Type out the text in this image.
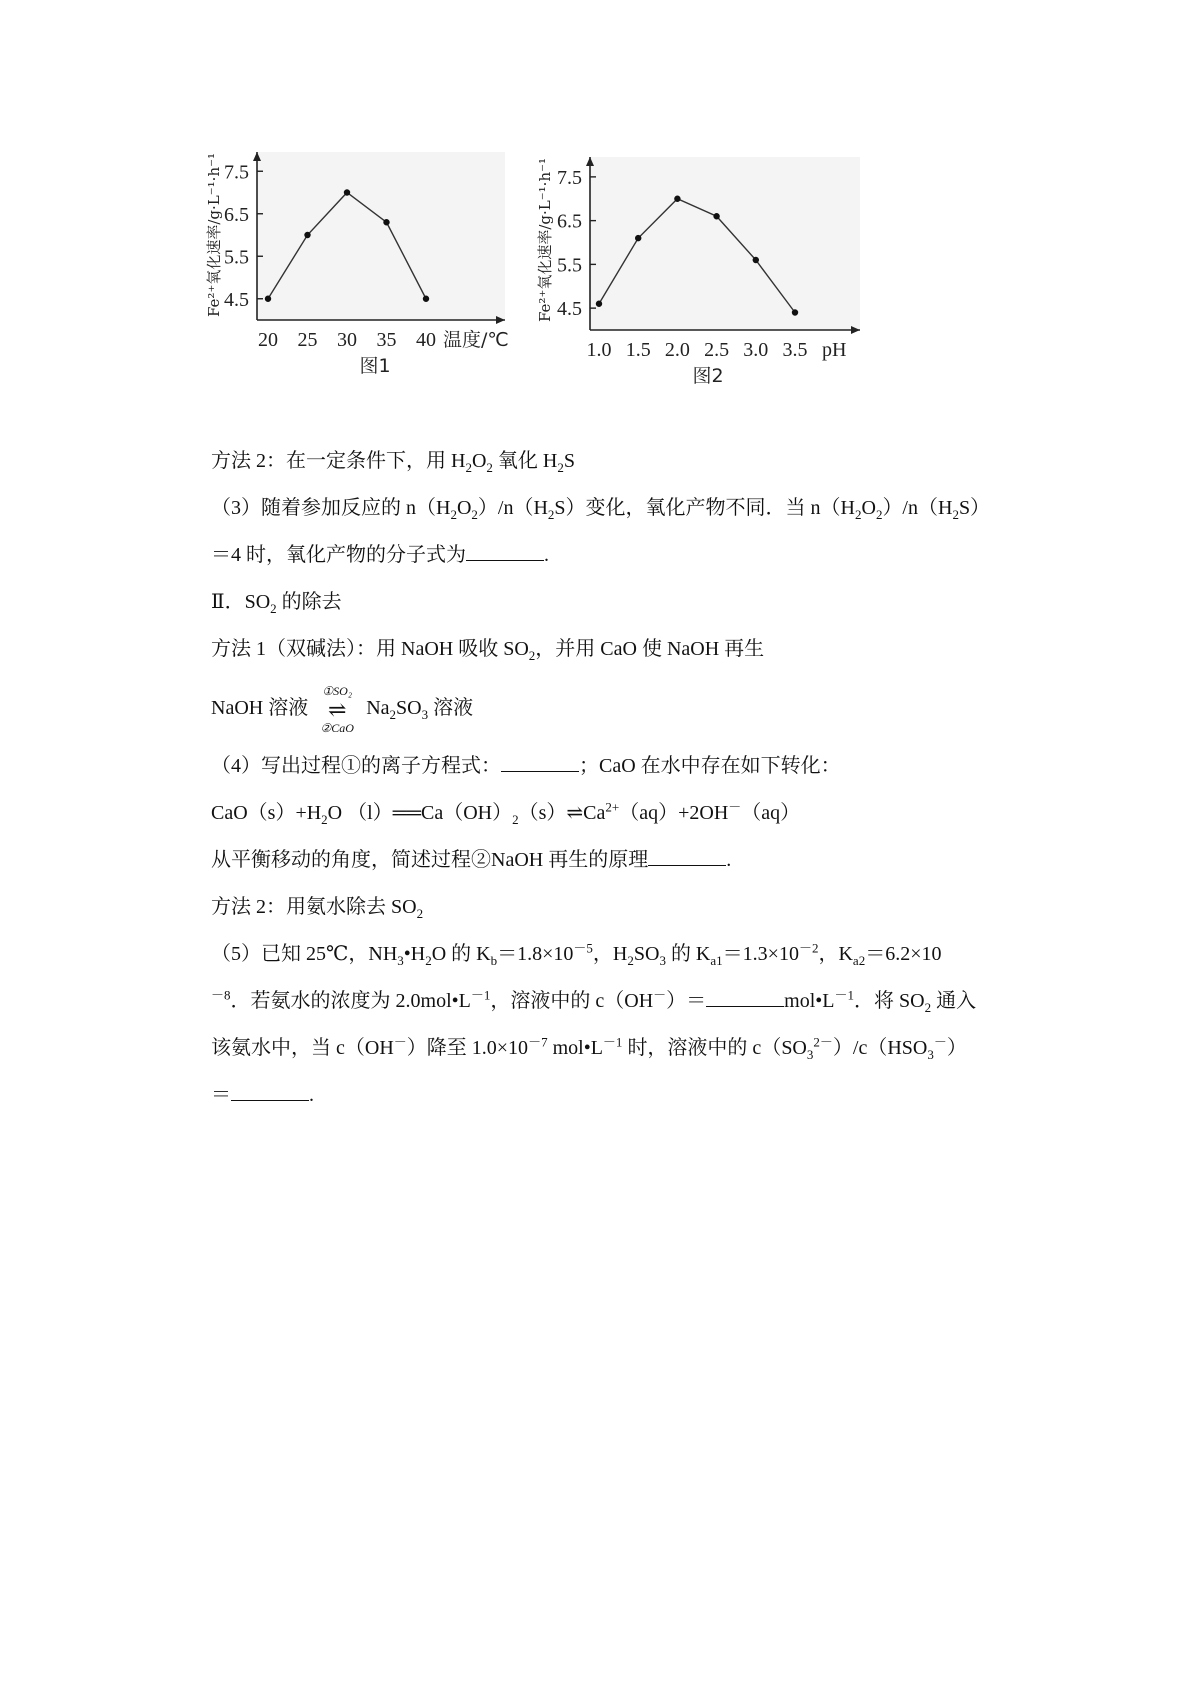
4.5
5.5
6.5
7.5
20 25 30 35 40 温度/℃
Fe²⁺氧化速率/g·L⁻¹·h⁻¹
图1
4.5
5.5
6.5
7.5
1.0 1.5 2.0 2.5 3.0 3.5 pH
Fe²⁺氧化速率/g·L⁻¹·h⁻¹
图2
方法 2：在一定条件下，用 $H_2O_2$ 氧化 $H_2S$
（3）随着参加反应的 $n(H_2O_2)/n(H_2S)$变化，氧化产物不同．当 $n(H_2O_2)/n(H_2S)$
＝4 时，氧化产物的分子式为	.
Ⅱ．$SO_2$ 的除去
方法 1（双碱法）：用 NaOH 吸收 $SO_2$，并用 CaO 使 NaOH 再生
NaOH 溶液
①SO₂
⇌
②CaO
$Na_2SO_3$ 溶液
（4）写出过程①的离子方程式：	；CaO 在水中存在如下转化：
$CaO(s)+H_2O$ $(l)══Ca(OH)_2(s)\rightleftharpoons Ca^{2+}(aq)+2OH^-(aq)$
从平衡移动的角度，简述过程②NaOH 再生的原理	.
方法 2：用氨水除去 $SO_2$
（5）已知 25℃，$NH_3•H_2O$ 的 $K_b=1.8\times 10^{-5}$，$H_2SO_3$ 的 $K_{a1}=1.3\times 10^{-2}$，$K_{a2}=6.2\times 10$
$^{-8}$．若氨水的浓度为 $2.0mol•L^{-1}$，溶液中的 c（OH－）＝	$mol•L^{-1}$．将 $SO_2$ 通入
该氨水中，当 c（OH－）降至 $1.0\times 10^{-7}$ $mol•L^{-1}$ 时，溶液中的 $c(SO_3^{2-})/c(HSO_3^-)$
＝	.
